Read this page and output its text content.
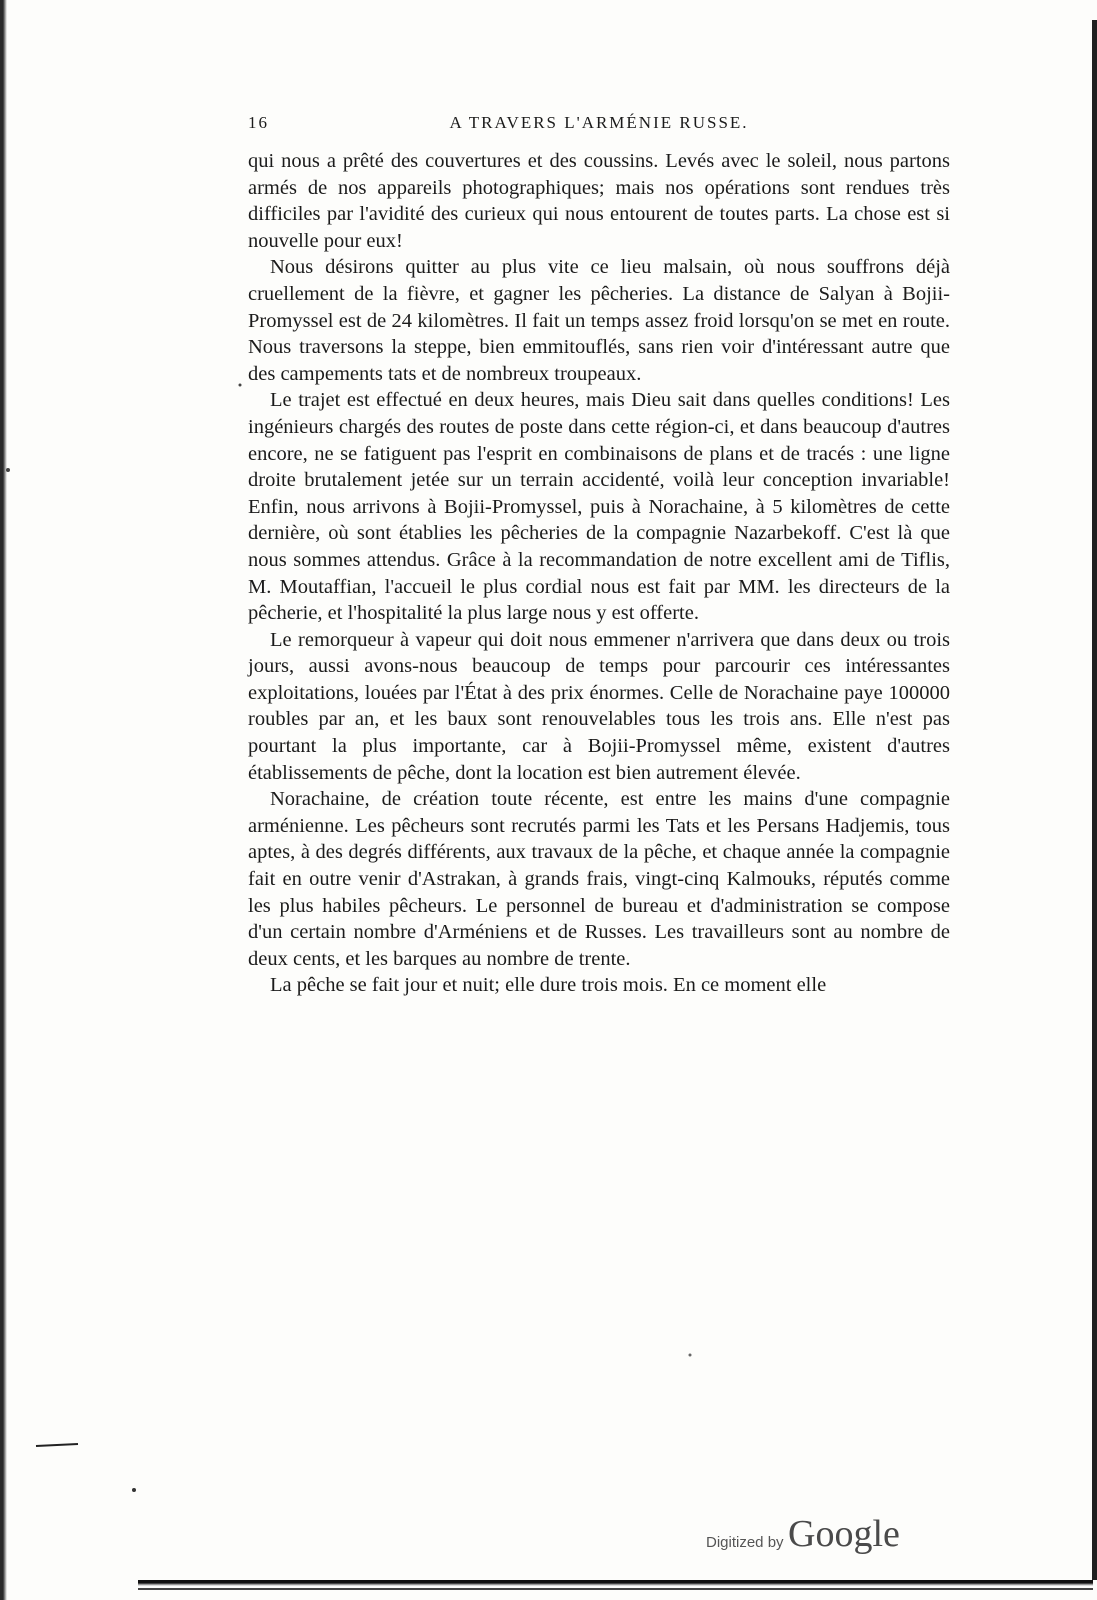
16	A TRAVERS L'ARMÉNIE RUSSE.

qui nous a prêté des couvertures et des coussins. Levés avec le soleil, nous partons armés de nos appareils photographiques; mais nos opérations sont rendues très difficiles par l'avidité des curieux qui nous entourent de toutes parts. La chose est si nouvelle pour eux!

Nous désirons quitter au plus vite ce lieu malsain, où nous souffrons déjà cruellement de la fièvre, et gagner les pêcheries. La distance de Salyan à Bojii-Promyssel est de 24 kilomètres. Il fait un temps assez froid lorsqu'on se met en route. Nous traversons la steppe, bien emmitouflés, sans rien voir d'intéressant autre que des campements tats et de nombreux troupeaux.

Le trajet est effectué en deux heures, mais Dieu sait dans quelles conditions! Les ingénieurs chargés des routes de poste dans cette région-ci, et dans beaucoup d'autres encore, ne se fatiguent pas l'esprit en combinaisons de plans et de tracés : une ligne droite brutalement jetée sur un terrain accidenté, voilà leur conception invariable! Enfin, nous arrivons à Bojii-Promyssel, puis à Norachaine, à 5 kilomètres de cette dernière, où sont établies les pêcheries de la compagnie Nazarbekoff. C'est là que nous sommes attendus. Grâce à la recommandation de notre excellent ami de Tiflis, M. Moutaffian, l'accueil le plus cordial nous est fait par MM. les directeurs de la pêcherie, et l'hospitalité la plus large nous y est offerte.

Le remorqueur à vapeur qui doit nous emmener n'arrivera que dans deux ou trois jours, aussi avons-nous beaucoup de temps pour parcourir ces intéressantes exploitations, louées par l'État à des prix énormes. Celle de Norachaine paye 100000 roubles par an, et les baux sont renouvelables tous les trois ans. Elle n'est pas pourtant la plus importante, car à Bojii-Promyssel même, existent d'autres établissements de pêche, dont la location est bien autrement élevée.

Norachaine, de création toute récente, est entre les mains d'une compagnie arménienne. Les pêcheurs sont recrutés parmi les Tats et les Persans Hadjemis, tous aptes, à des degrés différents, aux travaux de la pêche, et chaque année la compagnie fait en outre venir d'Astrakan, à grands frais, vingt-cinq Kalmouks, réputés comme les plus habiles pêcheurs. Le personnel de bureau et d'administration se compose d'un certain nombre d'Arméniens et de Russes. Les travailleurs sont au nombre de deux cents, et les barques au nombre de trente.

La pêche se fait jour et nuit; elle dure trois mois. En ce moment elle

Digitized by Google
